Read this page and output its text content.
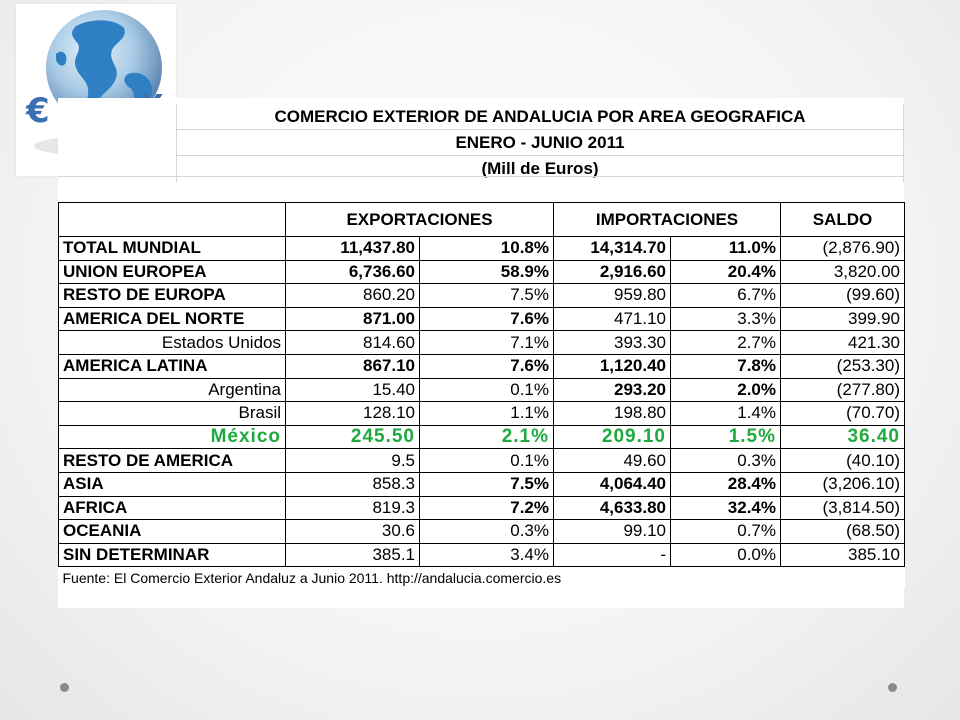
€	COMERCIO EXTERIOR DE ANDALUCIA POR AREA GEOGRAFICA
ENERO - JUNIO 2011
(Mill de Euros)
	EXPORTACIONES		IMPORTACIONES		SALDO
TOTAL MUNDIAL	11,437.80	10.8%	14,314.70	11.0%	(2,876.90)
UNION EUROPEA	6,736.60	58.9%	2,916.60	20.4%	3,820.00
RESTO DE EUROPA	860.20	7.5%	959.80	6.7%	(99.60)
AMERICA DEL NORTE	871.00	7.6%	471.10	3.3%	399.90
Estados Unidos	814.60	7.1%	393.30	2.7%	421.30
AMERICA LATINA	867.10	7.6%	1,120.40	7.8%	(253.30)
Argentina	15.40	0.1%	293.20	2.0%	(277.80)
Brasil	128.10	1.1%	198.80	1.4%	(70.70)
México	245.50	2.1%	209.10	1.5%	36.40
RESTO DE AMERICA	9.5	0.1%	49.60	0.3%	(40.10)
ASIA	858.3	7.5%	4,064.40	28.4%	(3,206.10)
AFRICA	819.3	7.2%	4,633.80	32.4%	(3,814.50)
OCEANIA	30.6	0.3%	99.10	0.7%	(68.50)
SIN DETERMINAR	385.1	3.4%	-	0.0%	385.10
Fuente: El Comercio Exterior Andaluz a Junio 2011. http://andalucia.comercio.es					
